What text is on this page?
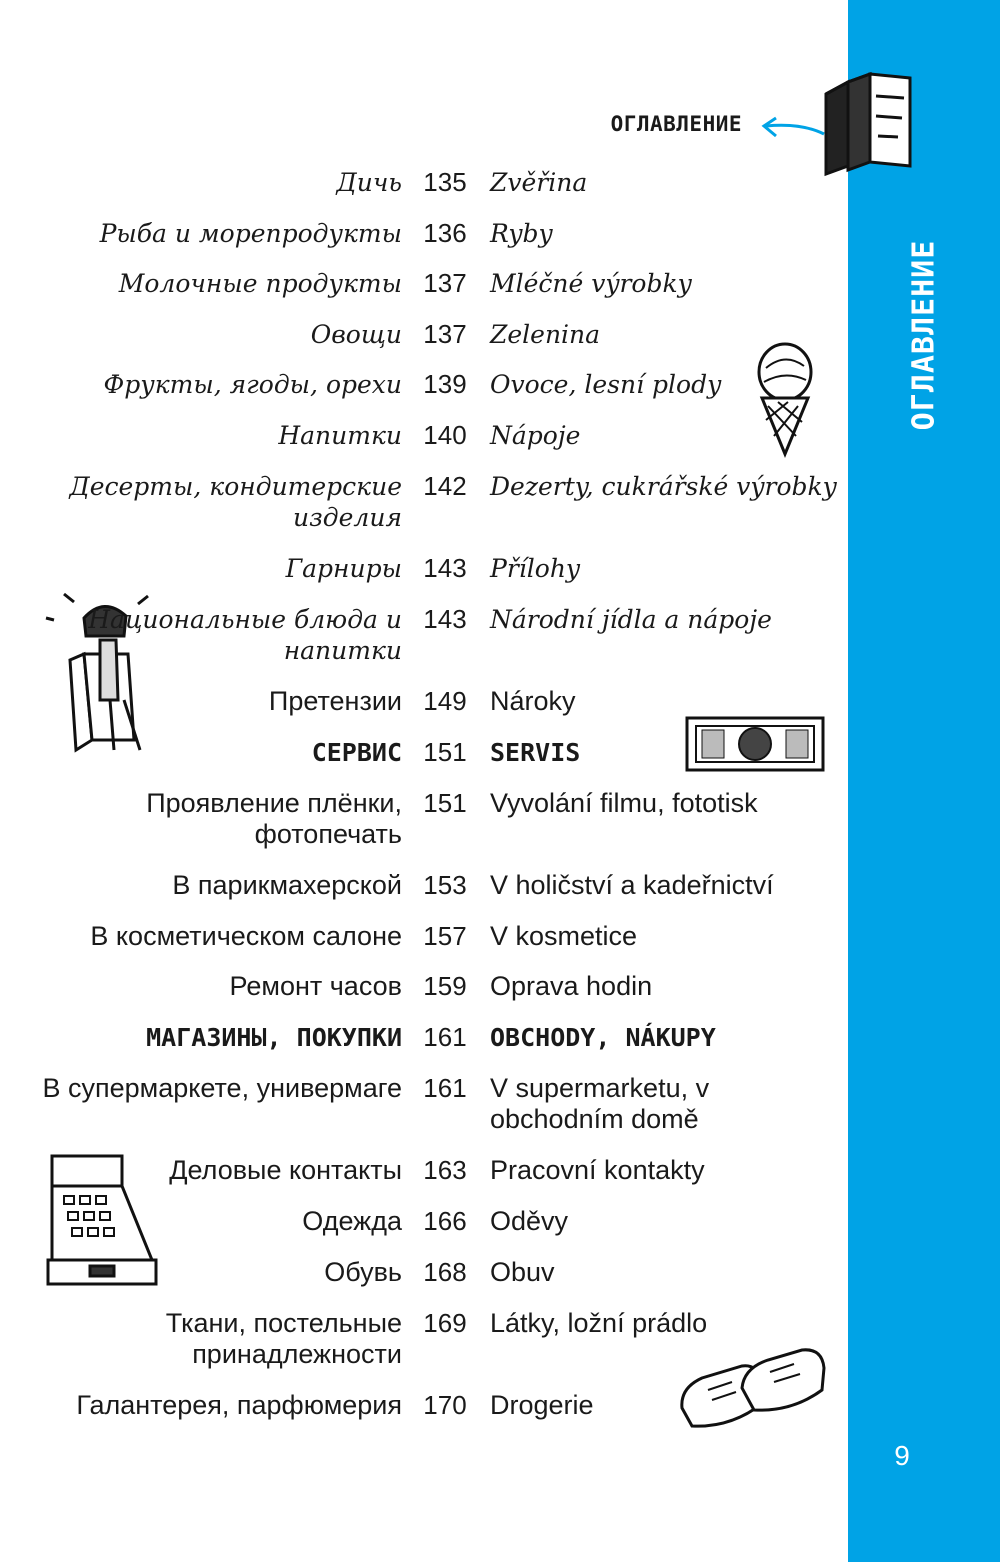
ОГЛАВЛЕНИЕ
9
ОГЛАВЛЕНИЕ
Дичь 135 Zvěřina
Рыба и морепродукты 136 Ryby
Молочные продукты 137 Mléčné výrobky
Овощи 137 Zelenina
Фрукты, ягоды, орехи 139 Ovoce, lesní plody
Напитки 140 Nápoje
Десерты, кондитерские изделия
142 Dezerty, cukrářské výrobky
Гарниры 143 Přílohy
Национальные блюда и напитки
143 Národní jídla a nápoje
Претензии 149 Nároky
СЕРВИС 151 SERVIS
Проявление плёнки, фотопечать
151 Vyvolání filmu, fototisk
В парикмахерской 153 V holičství a kadeřnictví
В косметическом салоне 157 V kosmetice
Ремонт часов 159 Oprava hodin
МАГАЗИНЫ, ПОКУПКИ 161 OBCHODY, NÁKUPY
В супермаркете, универмаге 161 V supermarketu, v obchodním domě
Деловые контакты 163 Pracovní kontakty
Одежда 166 Oděvy
Обувь 168 Obuv
Ткани, постельные принадлежности
169 Látky, ložní prádlo
Галантерея, парфюмерия 170 Drogerie
